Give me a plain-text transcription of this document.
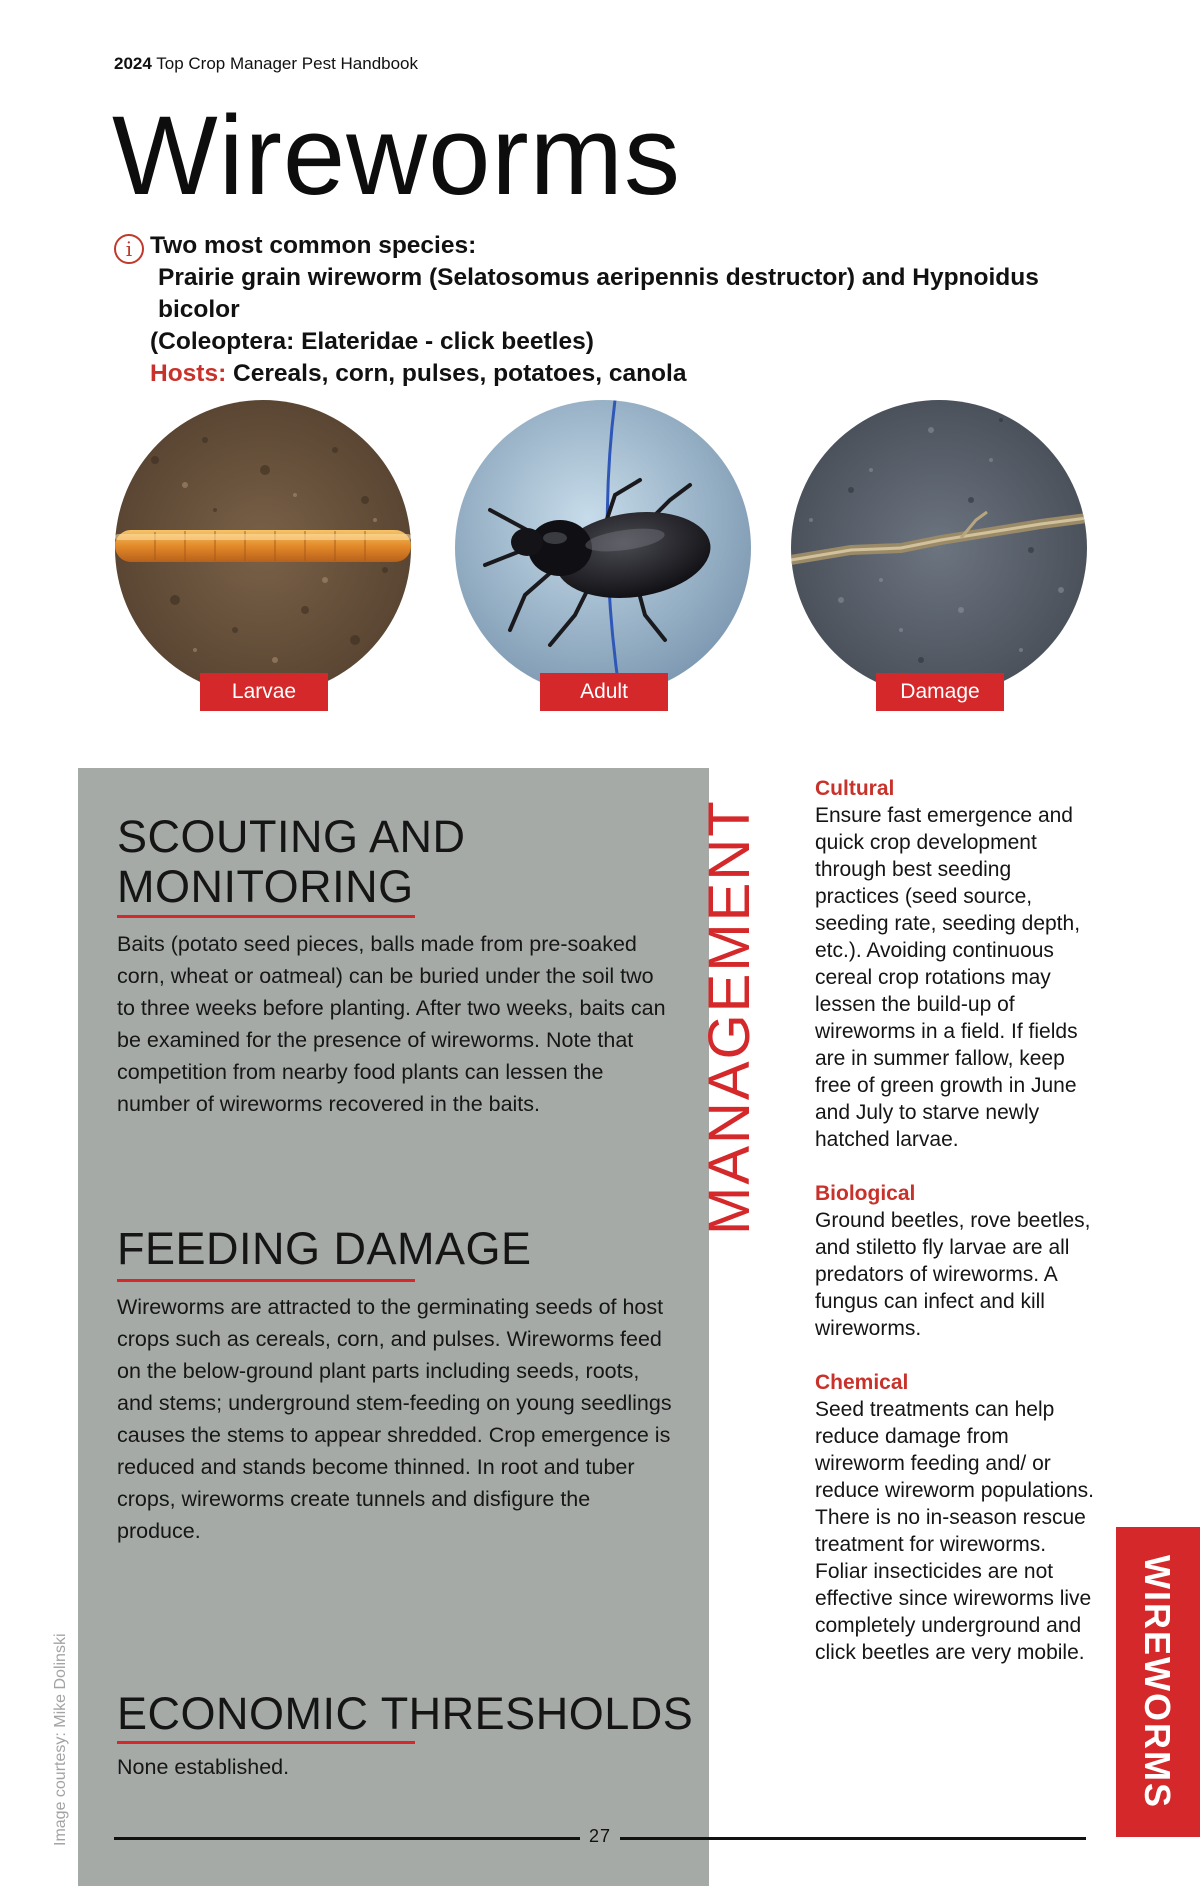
2024 Top Crop Manager Pest Handbook
Wireworms
i Two most common species:
Prairie grain wireworm (Selatosomus aeripennis destructor) and Hypnoidus bicolor
(Coleoptera: Elateridae - click beetles)
Hosts: Cereals, corn, pulses, potatoes, canola
Larvae	Adult	Damage
SCOUTING AND
MONITORING

Baits (potato seed pieces, balls made from pre-soaked corn, wheat or oatmeal) can be buried under the soil two to three weeks before planting. After two weeks, baits can be examined for the presence of wireworms. Note that competition from nearby food plants can lessen the number of wireworms recovered in the baits.

FEEDING DAMAGE

Wireworms are attracted to the germinating seeds of host crops such as cereals, corn, and pulses. Wireworms feed on the below-ground plant parts including seeds, roots, and stems; underground stem-feeding on young seedlings causes the stems to appear shredded. Crop emergence is reduced and stands become thinned. In root and tuber crops, wireworms create tunnels and disfigure the produce.

ECONOMIC THRESHOLDS

None established.

MANAGEMENT
Cultural
Ensure fast emergence and quick crop development through best seeding practices (seed source, seeding rate, seeding depth, etc.). Avoiding continuous cereal crop rotations may lessen the build-up of wireworms in a field. If fields are in summer fallow, keep free of green growth in June and July to starve newly hatched larvae.
Biological
Ground beetles, rove beetles, and stiletto fly larvae are all predators of wireworms. A fungus can infect and kill wireworms.
Chemical
Seed treatments can help reduce damage from wireworm feeding and/ or reduce wireworm populations. There is no in-season rescue treatment for wireworms. Foliar insecticides are not effective since wireworms live completely underground and click beetles are very mobile. WIREWORMS
Image courtesy: Mike Dolinski	27
